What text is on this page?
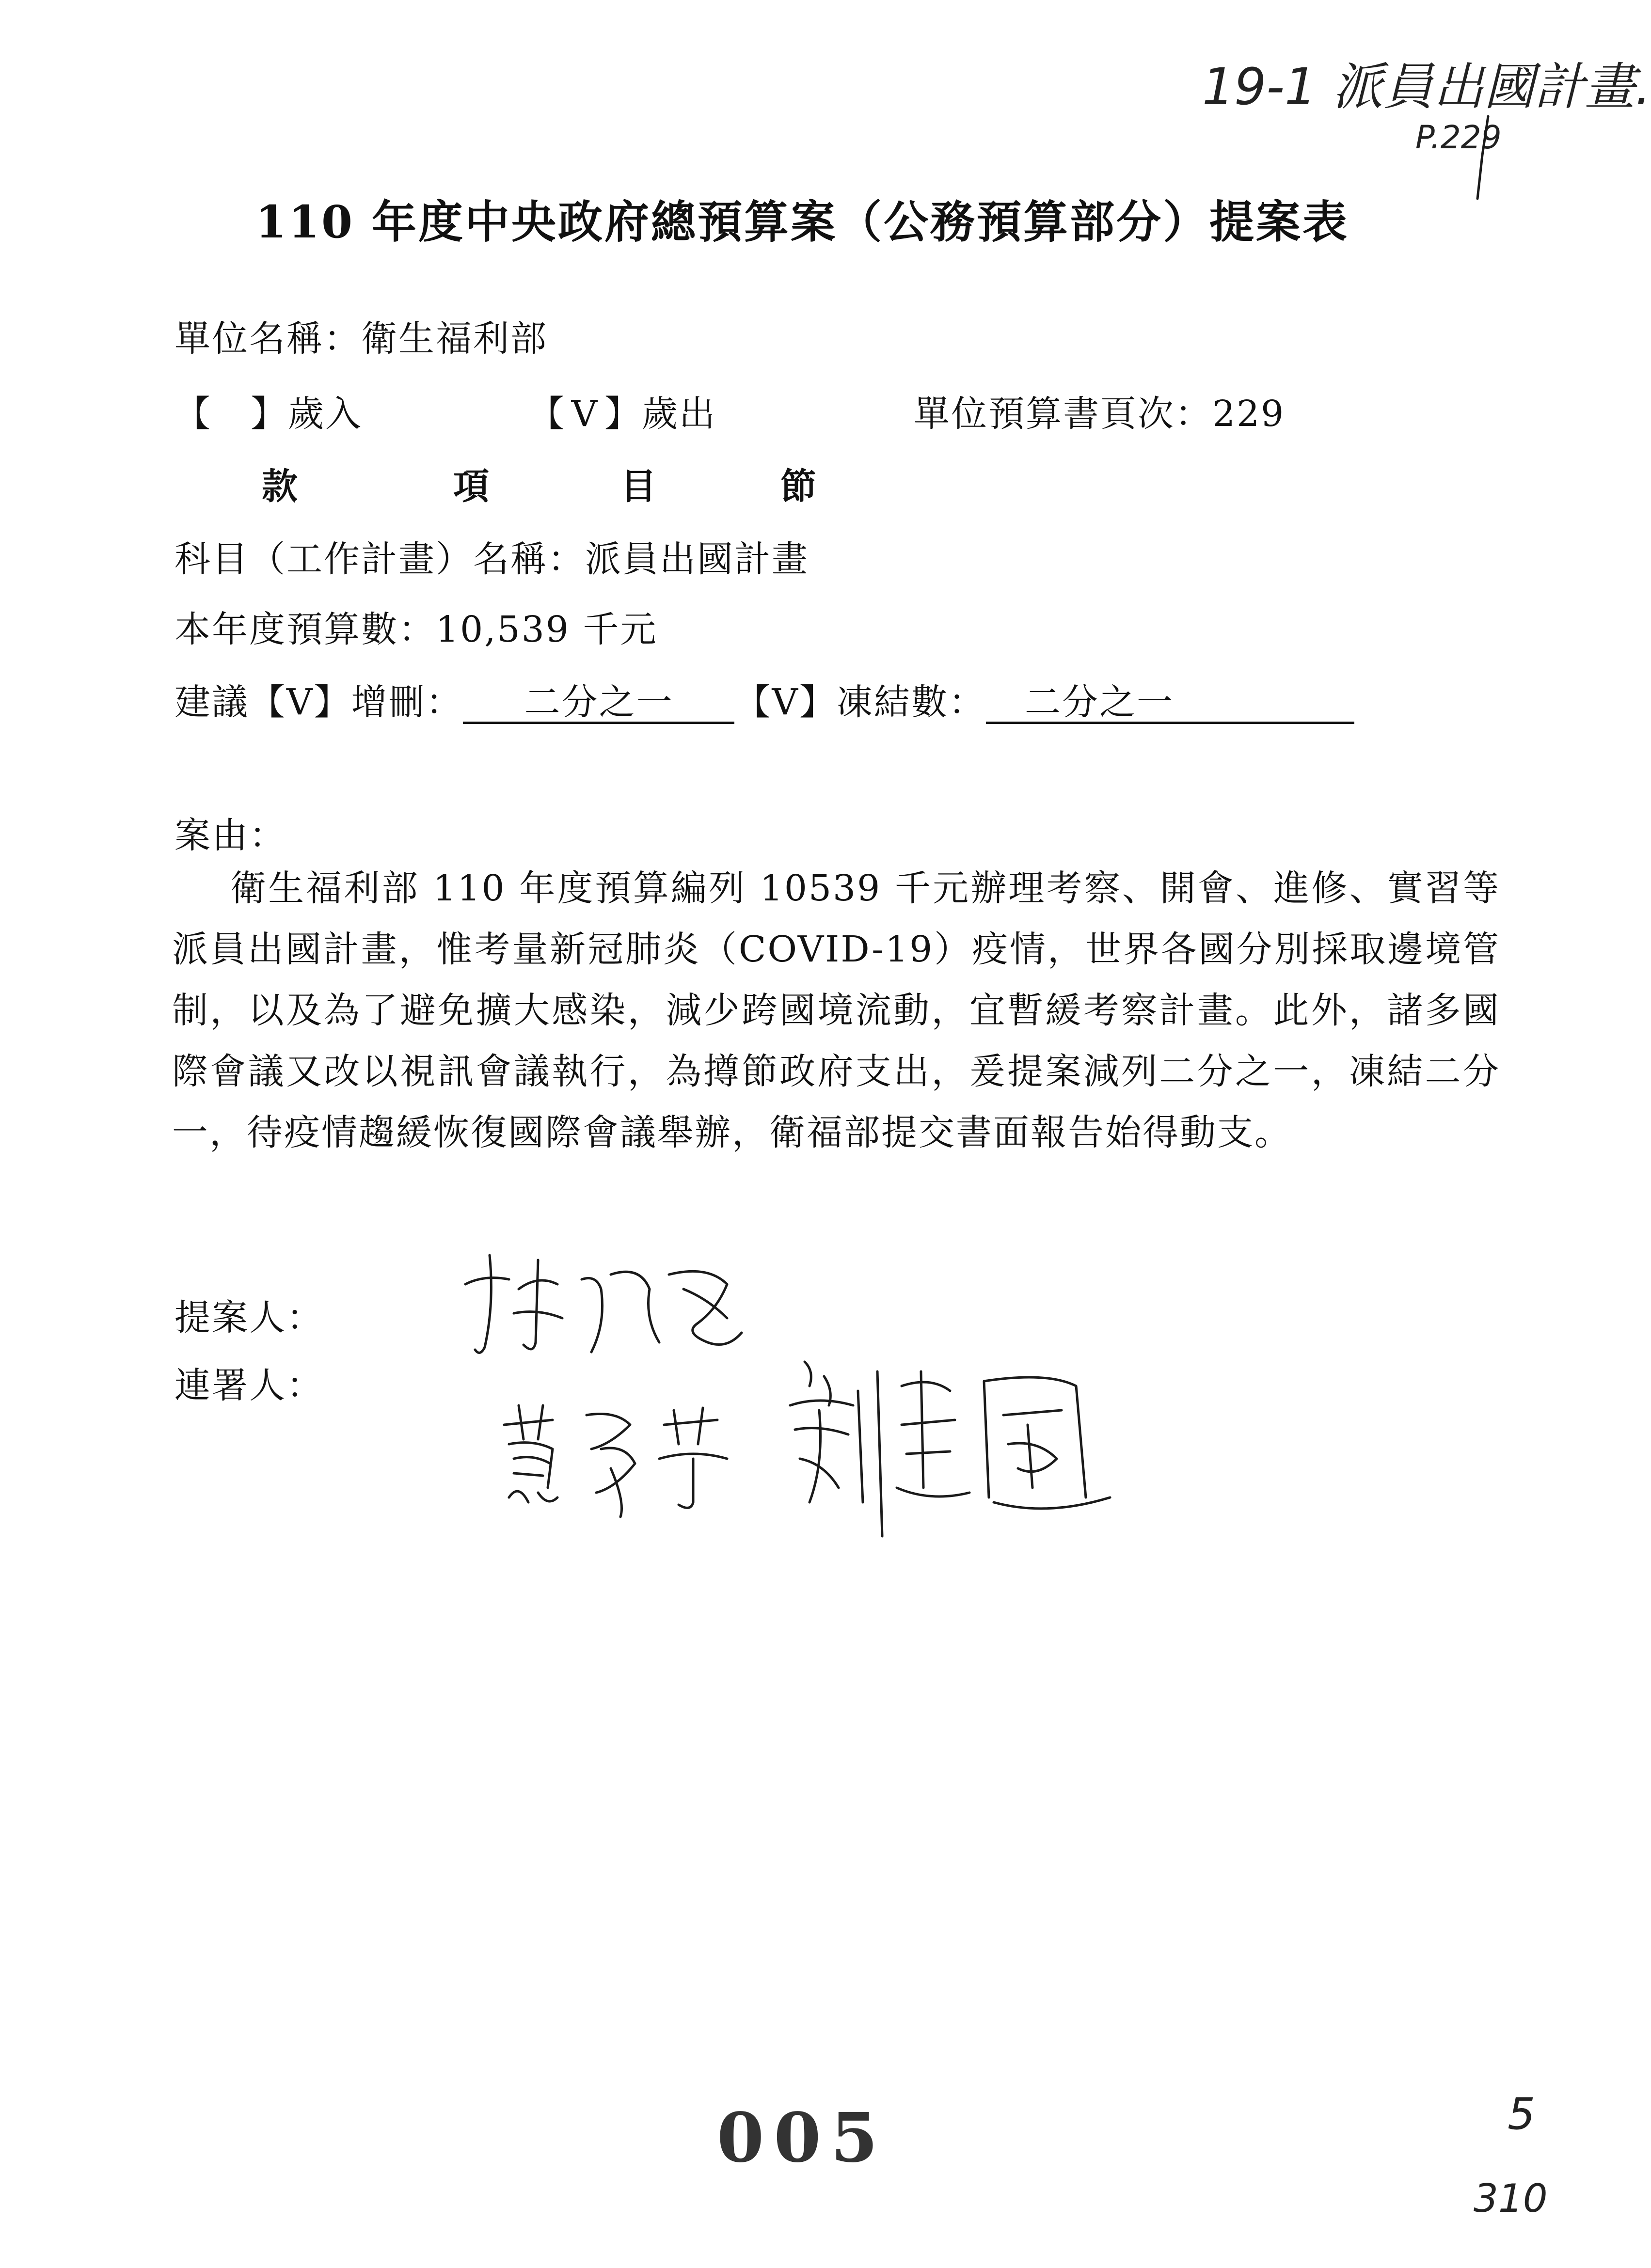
19-1 派員出國計畫.
P.229
110 年度中央政府總預算案（公務預算部分）提案表
單位名稱：衛生福利部
【 】歲入	【 V 】歲出	單位預算書頁次：229
款	項	目	節
科目（工作計畫）名稱：派員出國計畫
本年度預算數：10,539 千元
建議【V】增刪： 二分之一 【V】凍結數： 二分之一
案由：
衛生福利部 110 年度預算編列 10539 千元辦理考察、開會、進修、實習等派員出國計畫，惟考量新冠肺炎（COVID-19）疫情，世界各國分別採取邊境管制，以及為了避免擴大感染，減少跨國境流動，宜暫緩考察計畫。此外，諸多國際會議又改以視訊會議執行，為撙節政府支出，爰提案減列二分之一，凍結二分一，待疫情趨緩恢復國際會議舉辦，衛福部提交書面報告始得動支。
提案人：
連署人：
005	5
310
